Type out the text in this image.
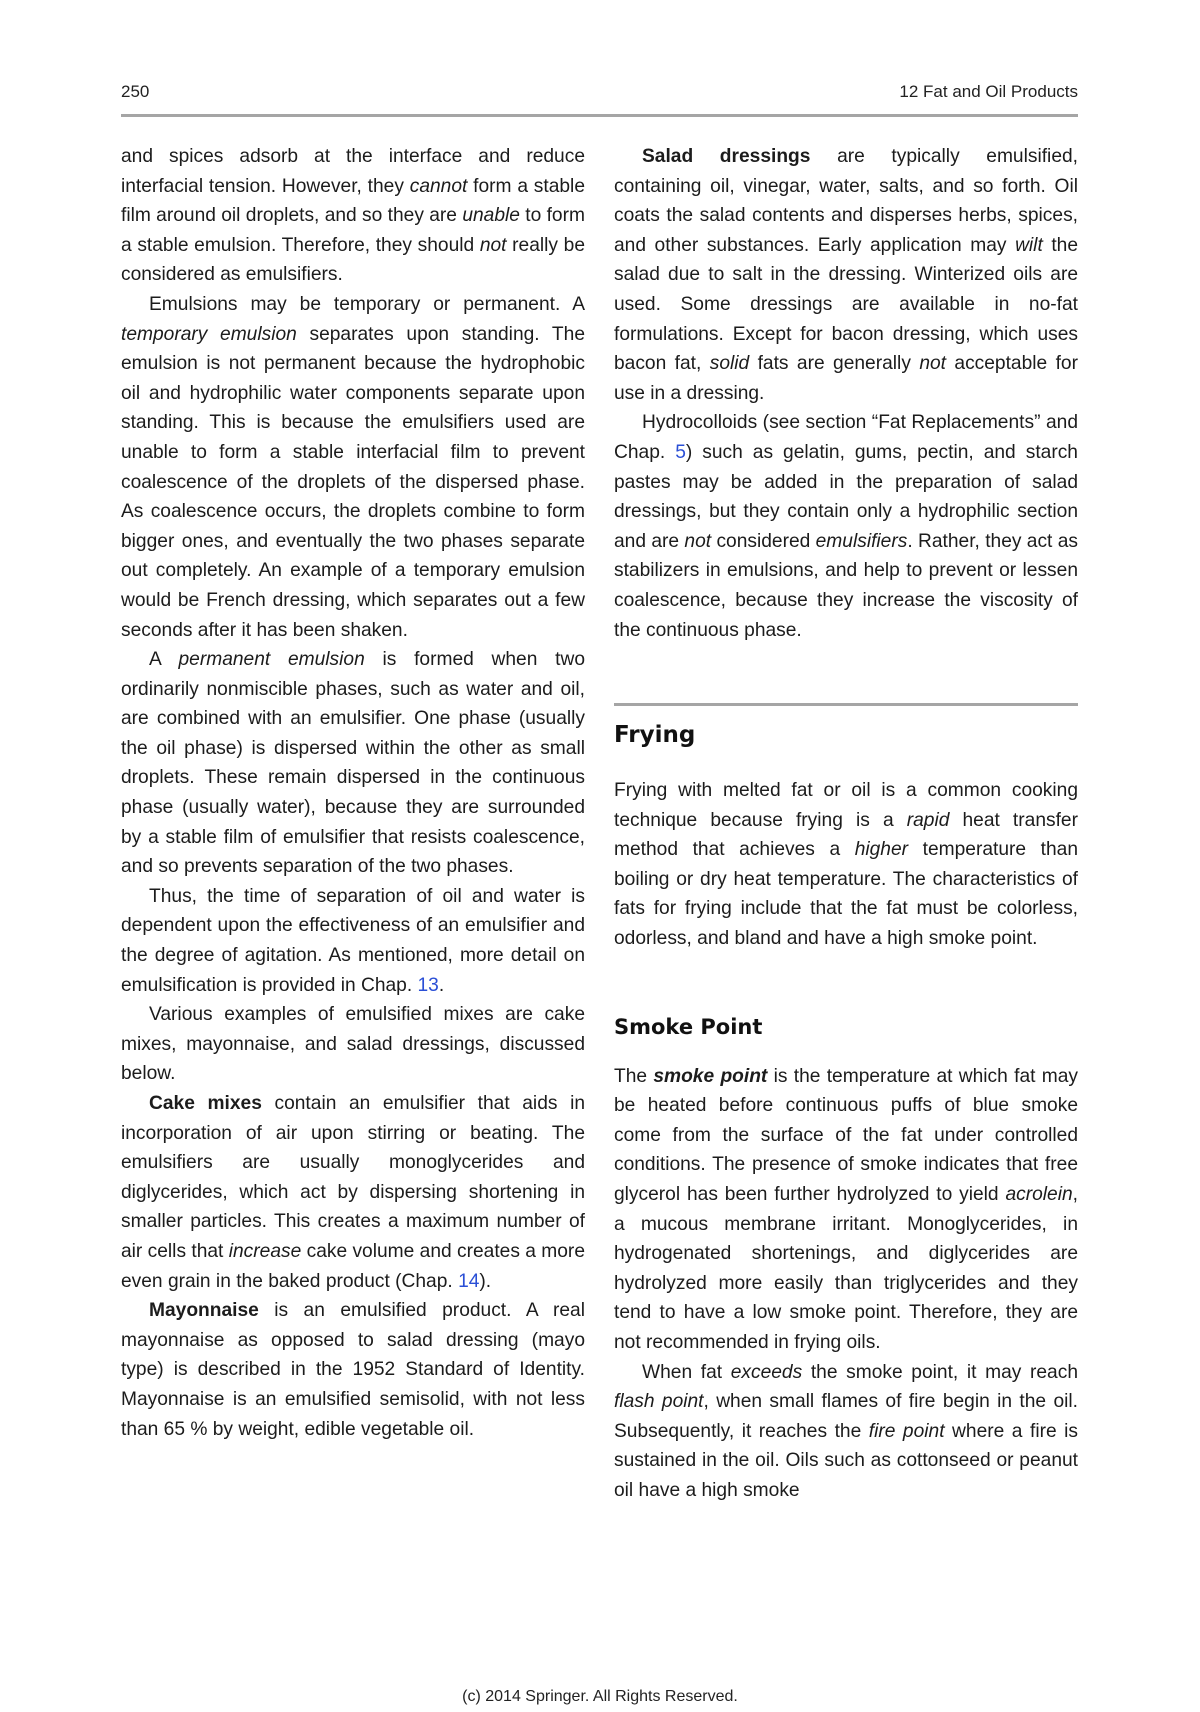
250	12 Fat and Oil Products

and spices adsorb at the interface and reduce interfacial tension. However, they cannot form a stable film around oil droplets, and so they are unable to form a stable emulsion. Therefore, they should not really be considered as emulsifiers.

Emulsions may be temporary or permanent. A temporary emulsion separates upon standing. The emulsion is not permanent because the hydrophobic oil and hydrophilic water components separate upon standing. This is because the emulsifiers used are unable to form a stable interfacial film to prevent coalescence of the droplets of the dispersed phase. As coalescence occurs, the droplets combine to form bigger ones, and eventually the two phases separate out completely. An example of a temporary emulsion would be French dressing, which separates out a few seconds after it has been shaken.

A permanent emulsion is formed when two ordinarily nonmiscible phases, such as water and oil, are combined with an emulsifier. One phase (usually the oil phase) is dispersed within the other as small droplets. These remain dispersed in the continuous phase (usually water), because they are surrounded by a stable film of emulsifier that resists coalescence, and so prevents separation of the two phases.

Thus, the time of separation of oil and water is dependent upon the effectiveness of an emulsifier and the degree of agitation. As mentioned, more detail on emulsification is provided in Chap. 13.

Various examples of emulsified mixes are cake mixes, mayonnaise, and salad dressings, discussed below.

Cake mixes contain an emulsifier that aids in incorporation of air upon stirring or beating. The emulsifiers are usually monoglycerides and diglycerides, which act by dispersing shortening in smaller particles. This creates a maximum number of air cells that increase cake volume and creates a more even grain in the baked product (Chap. 14).

Mayonnaise is an emulsified product. A real mayonnaise as opposed to salad dressing (mayo type) is described in the 1952 Standard of Identity. Mayonnaise is an emulsified semisolid, with not less than 65 % by weight, edible vegetable oil.

Salad dressings are typically emulsified, containing oil, vinegar, water, salts, and so forth. Oil coats the salad contents and disperses herbs, spices, and other substances. Early application may wilt the salad due to salt in the dressing. Winterized oils are used. Some dressings are available in no-fat formulations. Except for bacon dressing, which uses bacon fat, solid fats are generally not acceptable for use in a dressing.

Hydrocolloids (see section “Fat Replacements” and Chap. 5) such as gelatin, gums, pectin, and starch pastes may be added in the preparation of salad dressings, but they contain only a hydrophilic section and are not considered emulsifiers. Rather, they act as stabilizers in emulsions, and help to prevent or lessen coalescence, because they increase the viscosity of the continuous phase.

Frying

Frying with melted fat or oil is a common cooking technique because frying is a rapid heat transfer method that achieves a higher temperature than boiling or dry heat temperature. The characteristics of fats for frying include that the fat must be colorless, odorless, and bland and have a high smoke point.

Smoke Point

The smoke point is the temperature at which fat may be heated before continuous puffs of blue smoke come from the surface of the fat under controlled conditions. The presence of smoke indicates that free glycerol has been further hydrolyzed to yield acrolein, a mucous membrane irritant. Monoglycerides, in hydrogenated shortenings, and diglycerides are hydrolyzed more easily than triglycerides and they tend to have a low smoke point. Therefore, they are not recommended in frying oils.

When fat exceeds the smoke point, it may reach flash point, when small flames of fire begin in the oil. Subsequently, it reaches the fire point where a fire is sustained in the oil. Oils such as cottonseed or peanut oil have a high smoke

(c) 2014 Springer. All Rights Reserved.
